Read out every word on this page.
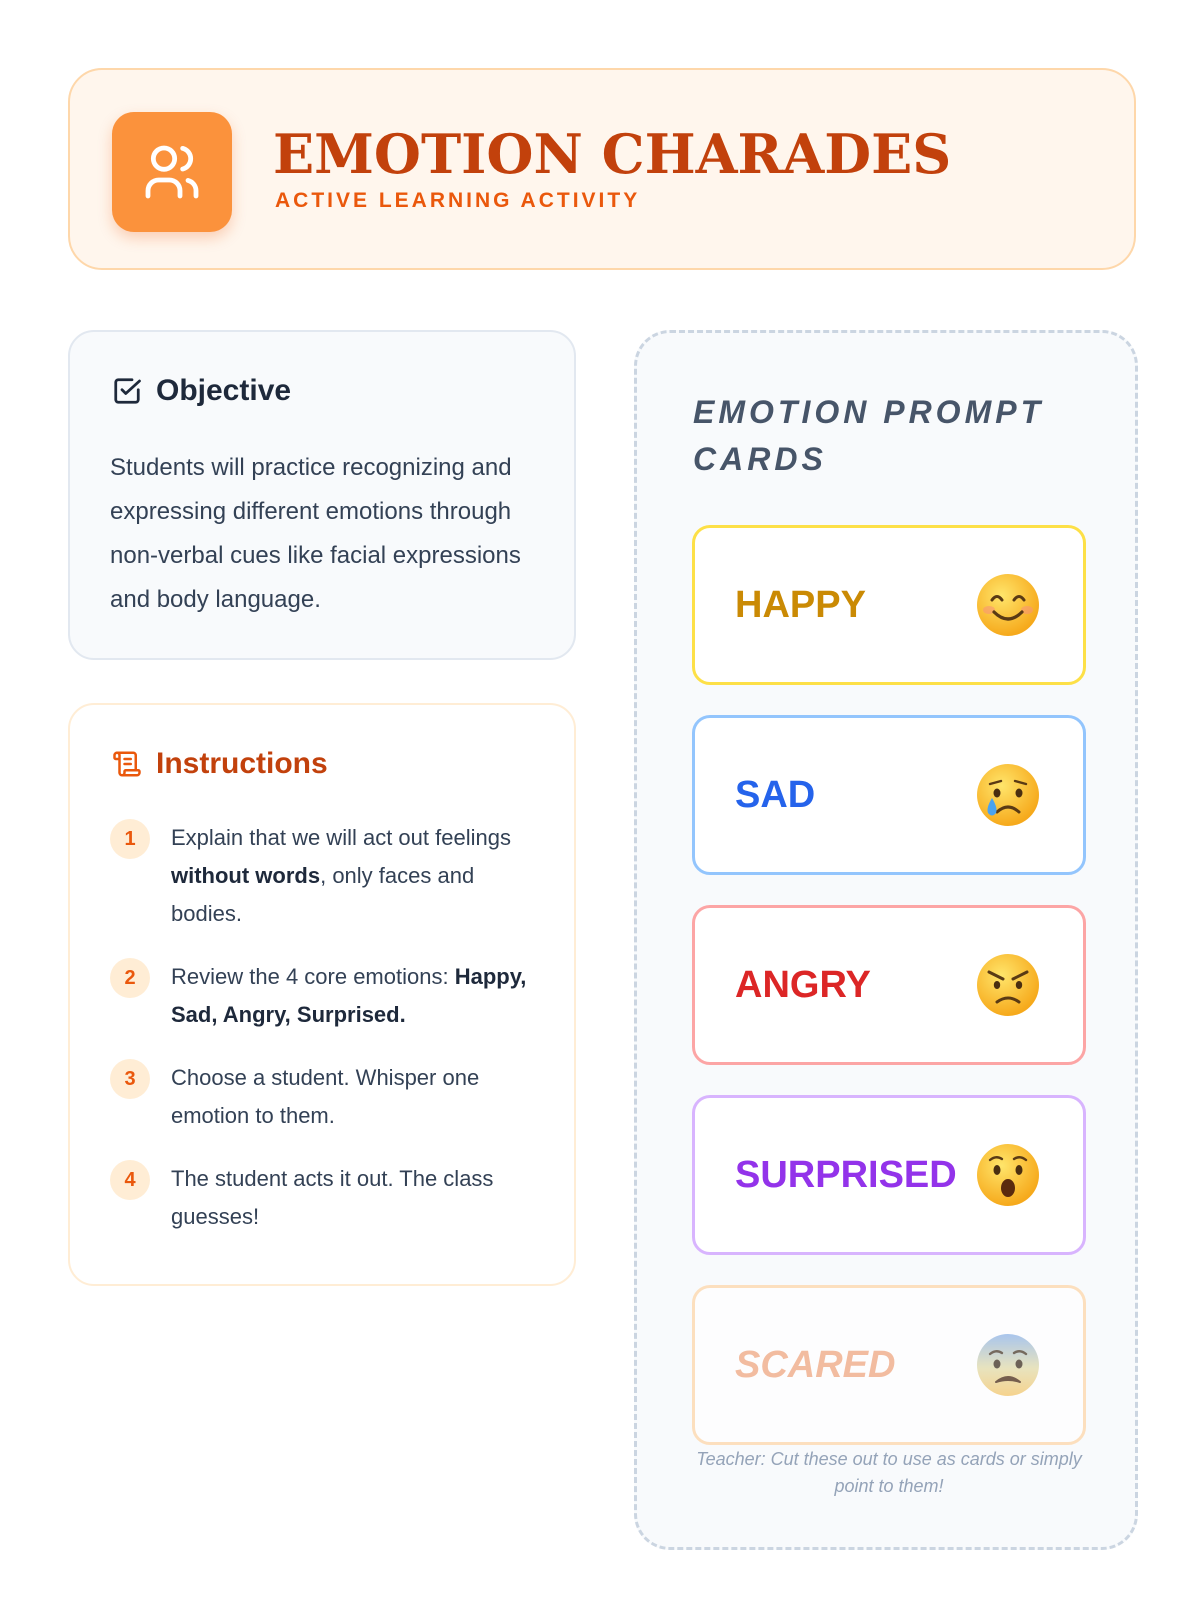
EMOTION CHARADES
ACTIVE LEARNING ACTIVITY
Objective
Students will practice recognizing and expressing different emotions through non-verbal cues like facial expressions and body language.
Instructions
1	Explain that we will act out feelings without words, only faces and bodies.
2	Review the 4 core emotions: Happy, Sad, Angry, Surprised.
3	Choose a student. Whisper one emotion to them.
4	The student acts it out. The class guesses!
EMOTION PROMPT CARDS
HAPPY
SAD
ANGRY
SURPRISED
SCARED
Teacher: Cut these out to use as cards or simply point to them!
